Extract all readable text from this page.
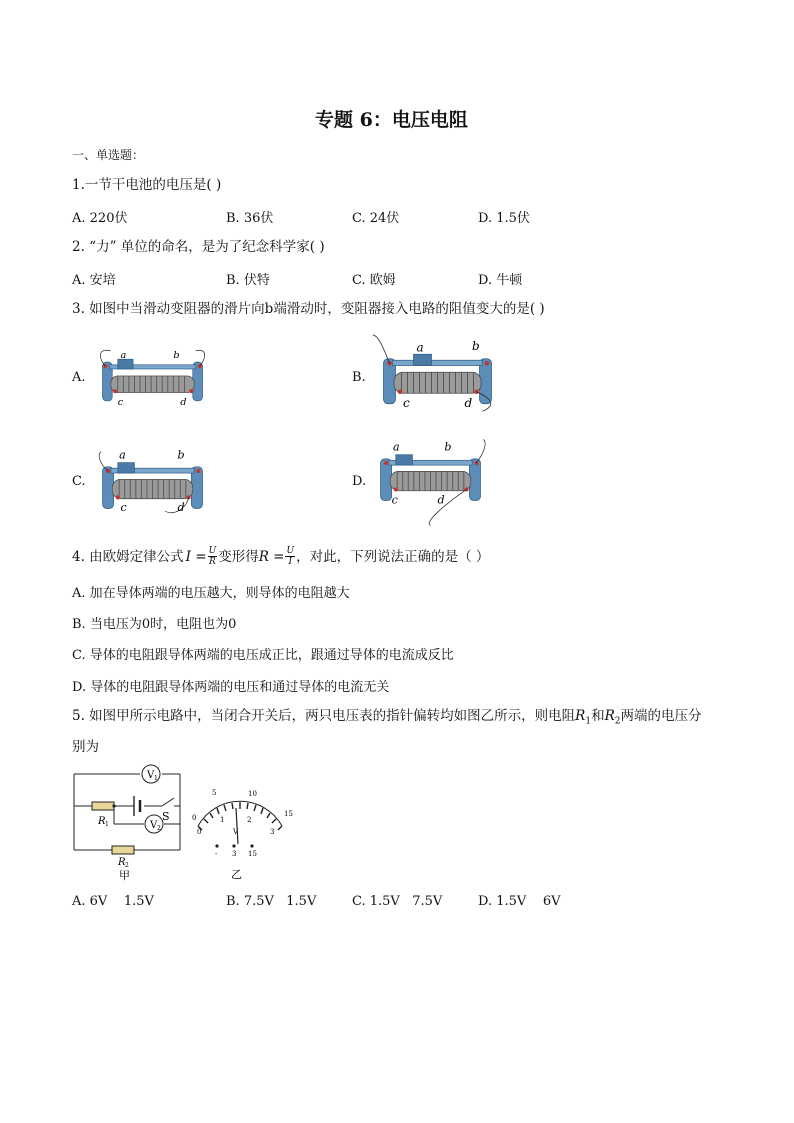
专题 6：电压电阻
一、单选题：
1.一节干电池的电压是( )
A. 220伏	B. 36伏	C. 24伏	D. 1.5伏
2. “力” 单位的命名，是为了纪念科学家( )
A. 安培	B. 伏特	C. 欧姆	D. 牛顿
3. 如图中当滑动变阻器的滑片向b端滑动时，变阻器接入电路的阻值变大的是( )
A.	B.
C.	D.
a	b
c	d
a	b
c	d
a	b
c	d
a	b
c d
4. 由欧姆定律公式 $I = \frac{U}{R}$ 变形得 $R = \frac{U}{I}$ ，对此，下列说法正确的是（ ）
A. 加在导体两端的电压越大，则导体的电阻越大
B. 当电压为0时，电阻也为0
C. 导体的电阻跟导体两端的电压成正比，跟通过导体的电流成反比
D. 导体的电阻跟导体两端的电压和通过导体的电流无关
5. 如图甲所示电路中，当闭合开关后，两只电压表的指针偏转均如图乙所示，则电阻$R_1$和$R_2$两端的电压分
别为
V 1
V 2
R 1
S
R 2
甲
5	10
15
0
0
1	2
3
V
- 3 15
乙
A. 6V    1.5V	B. 7.5V   1.5V	C. 1.5V   7.5V	D. 1.5V    6V
